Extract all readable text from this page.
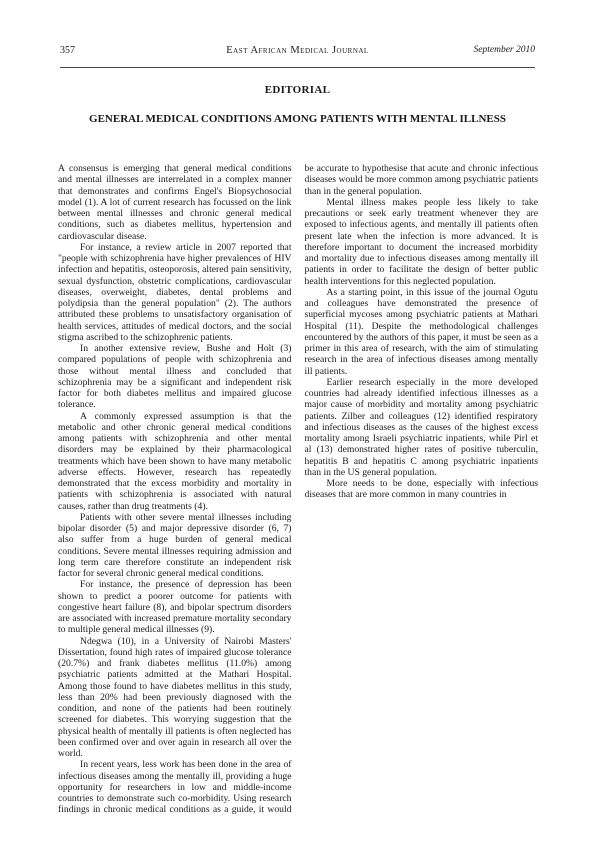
357	East African Medical Journal	September 2010
EDITORIAL
GENERAL MEDICAL CONDITIONS AMONG PATIENTS WITH MENTAL ILLNESS

A consensus is emerging that general medical conditions and mental illnesses are interrelated in a complex manner that demonstrates and confirms Engel's Biopsychosocial model (1). A lot of current research has focussed on the link between mental illnesses and chronic general medical conditions, such as diabetes mellitus, hypertension and cardiovascular disease.

For instance, a review article in 2007 reported that "people with schizophrenia have higher prevalences of HIV infection and hepatitis, osteoporosis, altered pain sensitivity, sexual dysfunction, obstetric complications, cardiovascular diseases, overweight, diabetes, dental problems and polydipsia than the general population" (2). The authors attributed these problems to unsatisfactory organisation of health services, attitudes of medical doctors, and the social stigma ascribed to the schizophrenic patients.

In another extensive review, Bushe and Holt (3) compared populations of people with schizophrenia and those without mental illness and concluded that schizophrenia may be a significant and independent risk factor for both diabetes mellitus and impaired glucose tolerance.

A commonly expressed assumption is that the metabolic and other chronic general medical conditions among patients with schizophrenia and other mental disorders may be explained by their pharmacological treatments which have been shown to have many metabolic adverse effects. However, research has repeatedly demonstrated that the excess morbidity and mortality in patients with schizophrenia is associated with natural causes, rather than drug treatments (4).

Patients with other severe mental illnesses including bipolar disorder (5) and major depressive disorder (6, 7) also suffer from a huge burden of general medical conditions. Severe mental illnesses requiring admission and long term care therefore constitute an independent risk factor for several chronic general medical conditions.

For instance, the presence of depression has been shown to predict a poorer outcome for patients with congestive heart failure (8), and bipolar spectrum disorders are associated with increased premature mortality secondary to multiple general medical illnesses (9).

Ndegwa (10), in a University of Nairobi Masters' Dissertation, found high rates of impaired glucose tolerance (20.7%) and frank diabetes mellitus (11.0%) among psychiatric patients admitted at the Mathari Hospital. Among those found to have diabetes mellitus in this study, less than 20% had been previously diagnosed with the condition, and none of the patients had been routinely screened for diabetes. This worrying suggestion that the physical health of mentally ill patients is often neglected has been confirmed over and over again in research all over the world.

In recent years, less work has been done in the area of infectious diseases among the mentally ill, providing a huge opportunity for researchers in low and middle-income countries to demonstrate such co-morbidity. Using research findings in chronic medical conditions as a guide, it would be accurate to hypothesise that acute and chronic infectious diseases would be more common among psychiatric patients than in the general population.

Mental illness makes people less likely to take precautions or seek early treatment whenever they are exposed to infectious agents, and mentally ill patients often present late when the infection is more advanced. It is therefore important to document the increased morbidity and mortality due to infectious diseases among mentally ill patients in order to facilitate the design of better public health interventions for this neglected population.

As a starting point, in this issue of the journal Ogutu and colleagues have demonstrated the presence of superficial mycoses among psychiatric patients at Mathari Hospital (11). Despite the methodological challenges encountered by the authors of this paper, it must be seen as a primer in this area of research, with the aim of stimulating research in the area of infectious diseases among mentally ill patients.

Earlier research especially in the more developed countries had already identified infectious illnesses as a major cause of morbidity and mortality among psychiatric patients. Zilber and colleagues (12) identified respiratory and infectious diseases as the causes of the highest excess mortality among Israeli psychiatric inpatients, while Pirl et al (13) demonstrated higher rates of positive tuberculin, hepatitis B and hepatitis C among psychiatric inpatients than in the US general population.

More needs to be done, especially with infectious diseases that are more common in many countries in
